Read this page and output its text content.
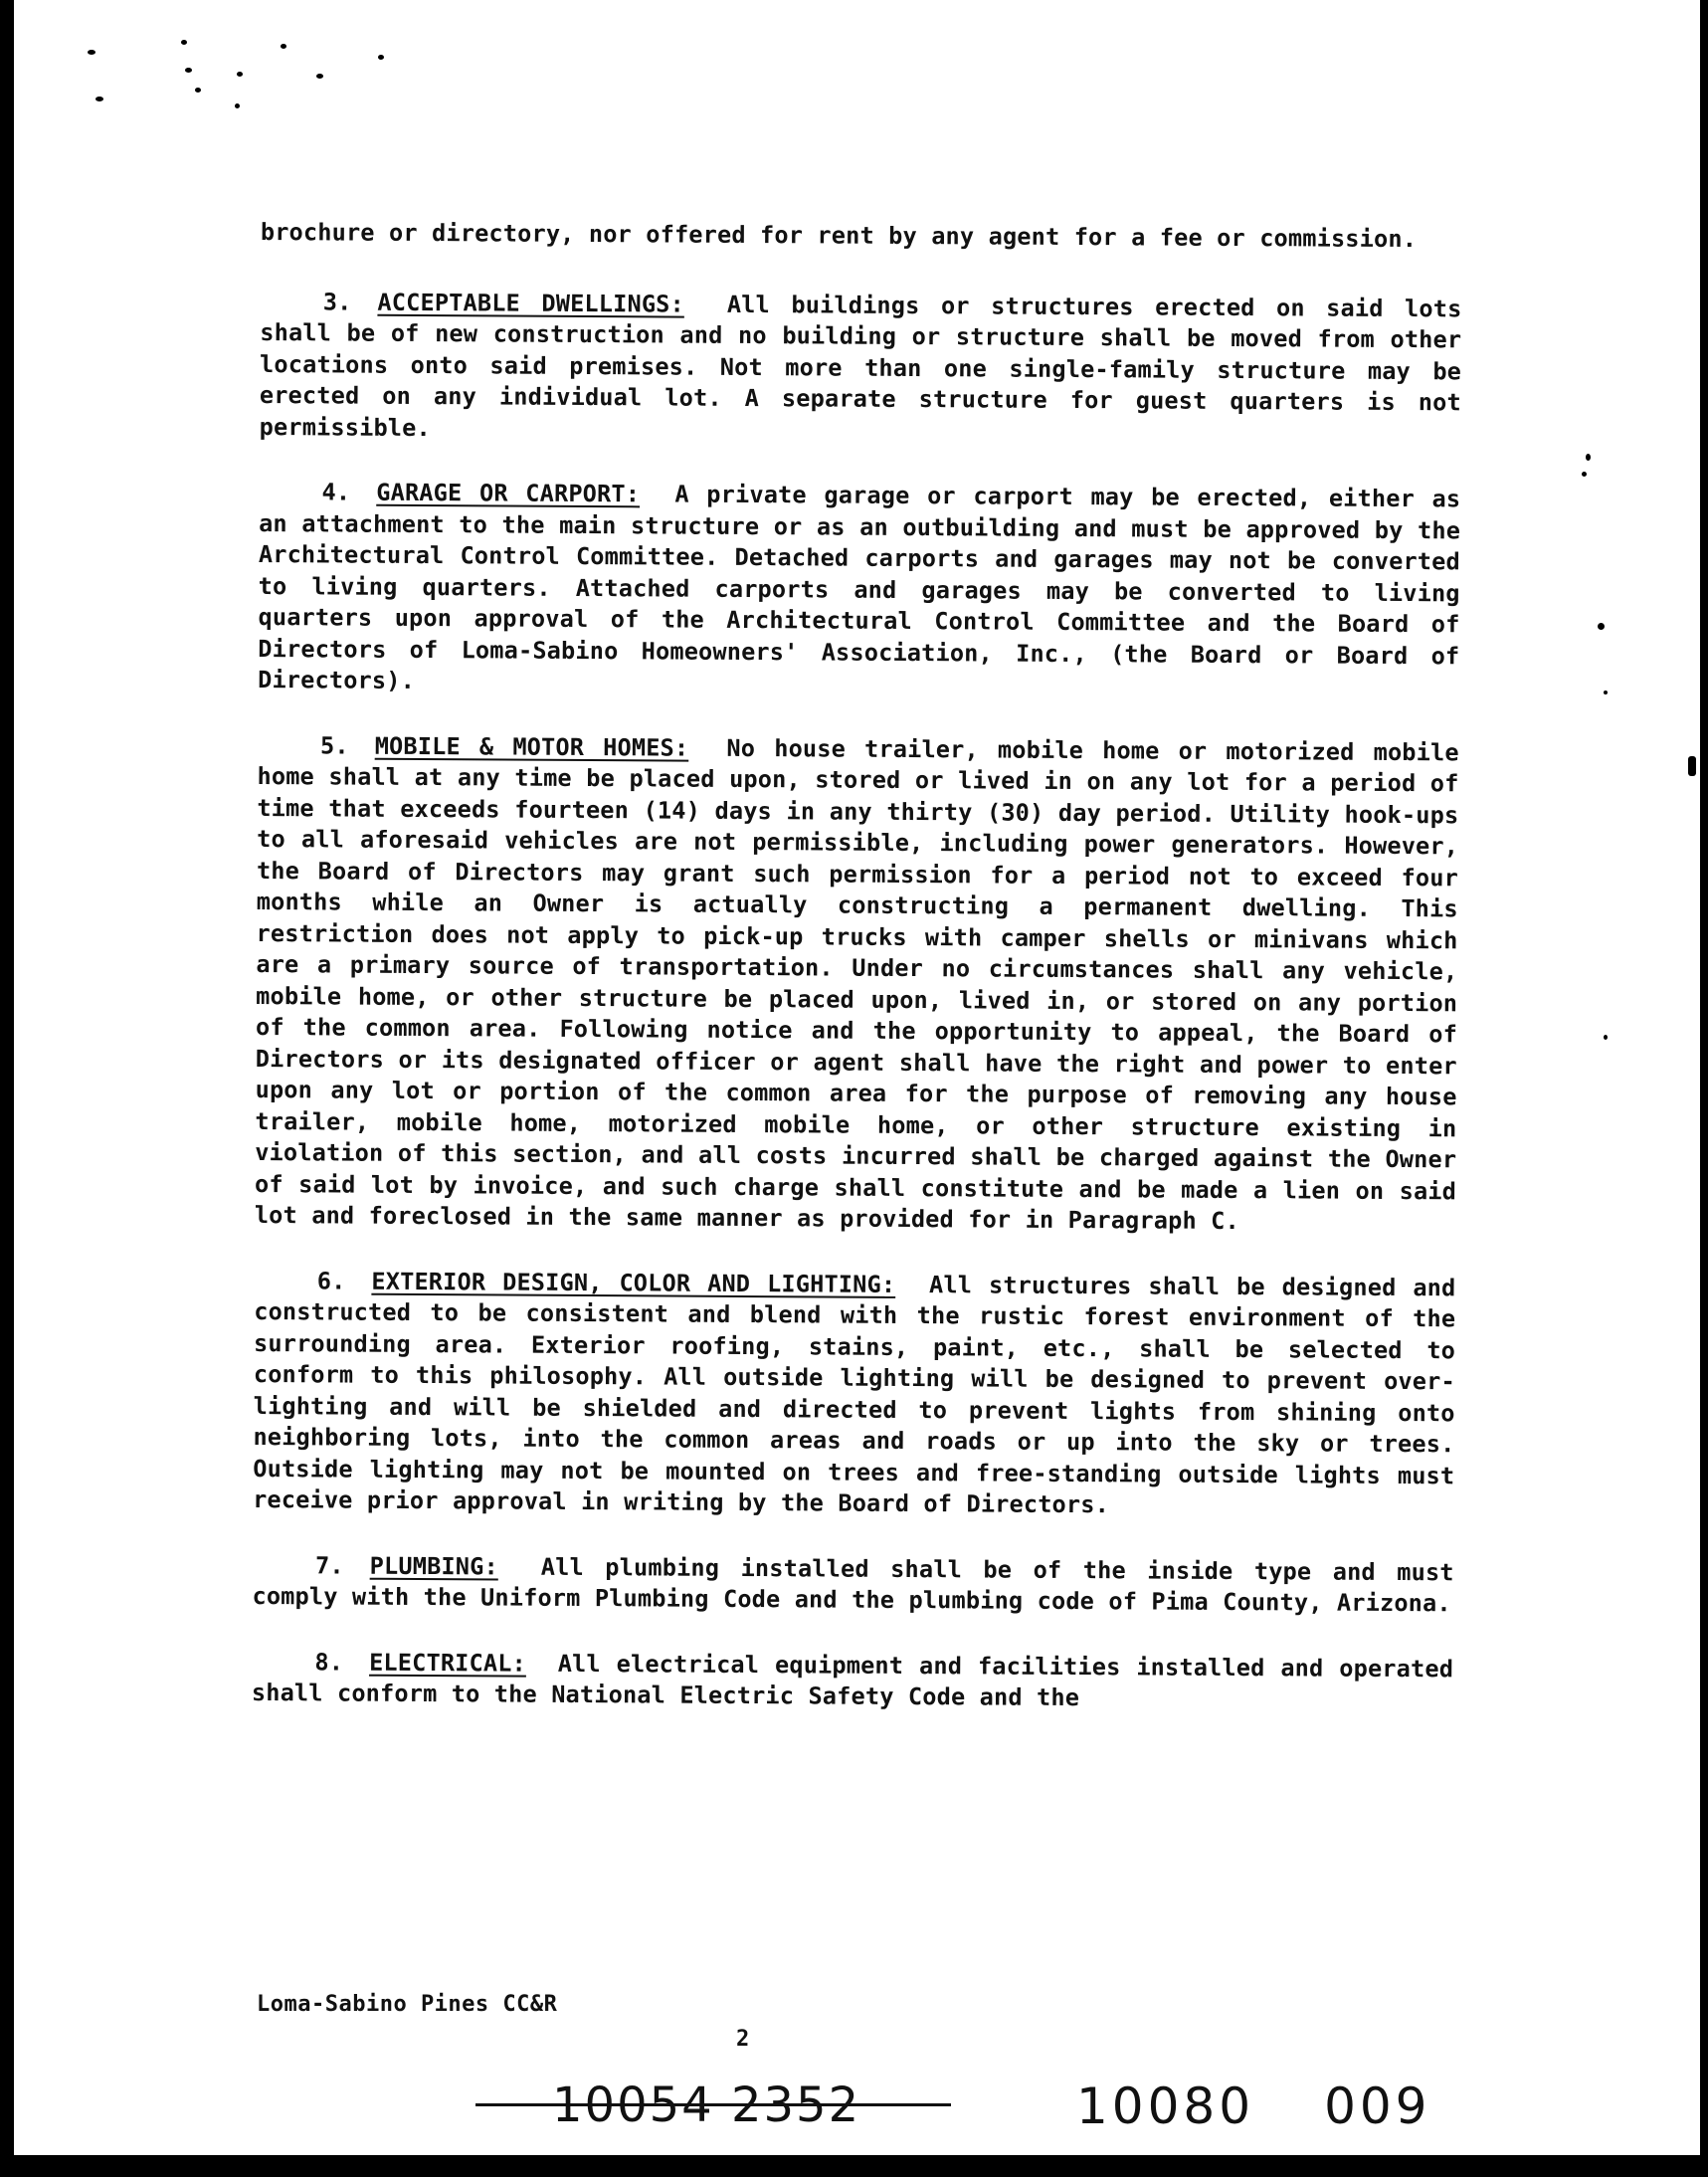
brochure or directory, nor offered for rent by any agent for a fee or commission.

3. ACCEPTABLE DWELLINGS: All buildings or structures erected on said lots shall be of new construction and no building or structure shall be moved from other locations onto said premises. Not more than one single-family structure may be erected on any individual lot. A separate structure for guest quarters is not permissible.

4. GARAGE OR CARPORT: A private garage or carport may be erected, either as an attachment to the main structure or as an outbuilding and must be approved by the Architectural Control Committee. Detached carports and garages may not be converted to living quarters. Attached carports and garages may be converted to living quarters upon approval of the Architectural Control Committee and the Board of Directors of Loma-Sabino Homeowners' Association, Inc., (the Board or Board of Directors).

5. MOBILE & MOTOR HOMES: No house trailer, mobile home or motorized mobile home shall at any time be placed upon, stored or lived in on any lot for a period of time that exceeds fourteen (14) days in any thirty (30) day period. Utility hook-ups to all aforesaid vehicles are not permissible, including power generators. However, the Board of Directors may grant such permission for a period not to exceed four months while an Owner is actually constructing a permanent dwelling. This restriction does not apply to pick-up trucks with camper shells or minivans which are a primary source of transportation. Under no circumstances shall any vehicle, mobile home, or other structure be placed upon, lived in, or stored on any portion of the common area. Following notice and the opportunity to appeal, the Board of Directors or its designated officer or agent shall have the right and power to enter upon any lot or portion of the common area for the purpose of removing any house trailer, mobile home, motorized mobile home, or other structure existing in violation of this section, and all costs incurred shall be charged against the Owner of said lot by invoice, and such charge shall constitute and be made a lien on said lot and foreclosed in the same manner as provided for in Paragraph C.

6. EXTERIOR DESIGN, COLOR AND LIGHTING: All structures shall be designed and constructed to be consistent and blend with the rustic forest environment of the surrounding area. Exterior roofing, stains, paint, etc., shall be selected to conform to this philosophy. All outside lighting will be designed to prevent over-lighting and will be shielded and directed to prevent lights from shining onto neighboring lots, into the common areas and roads or up into the sky or trees. Outside lighting may not be mounted on trees and free-standing outside lights must receive prior approval in writing by the Board of Directors.

7. PLUMBING: All plumbing installed shall be of the inside type and must comply with the Uniform Plumbing Code and the plumbing code of Pima County, Arizona.

8. ELECTRICAL: All electrical equipment and facilities installed and operated shall conform to the National Electric Safety Code and the

Loma-Sabino Pines CC&R
2
10054 2352	10080 009
